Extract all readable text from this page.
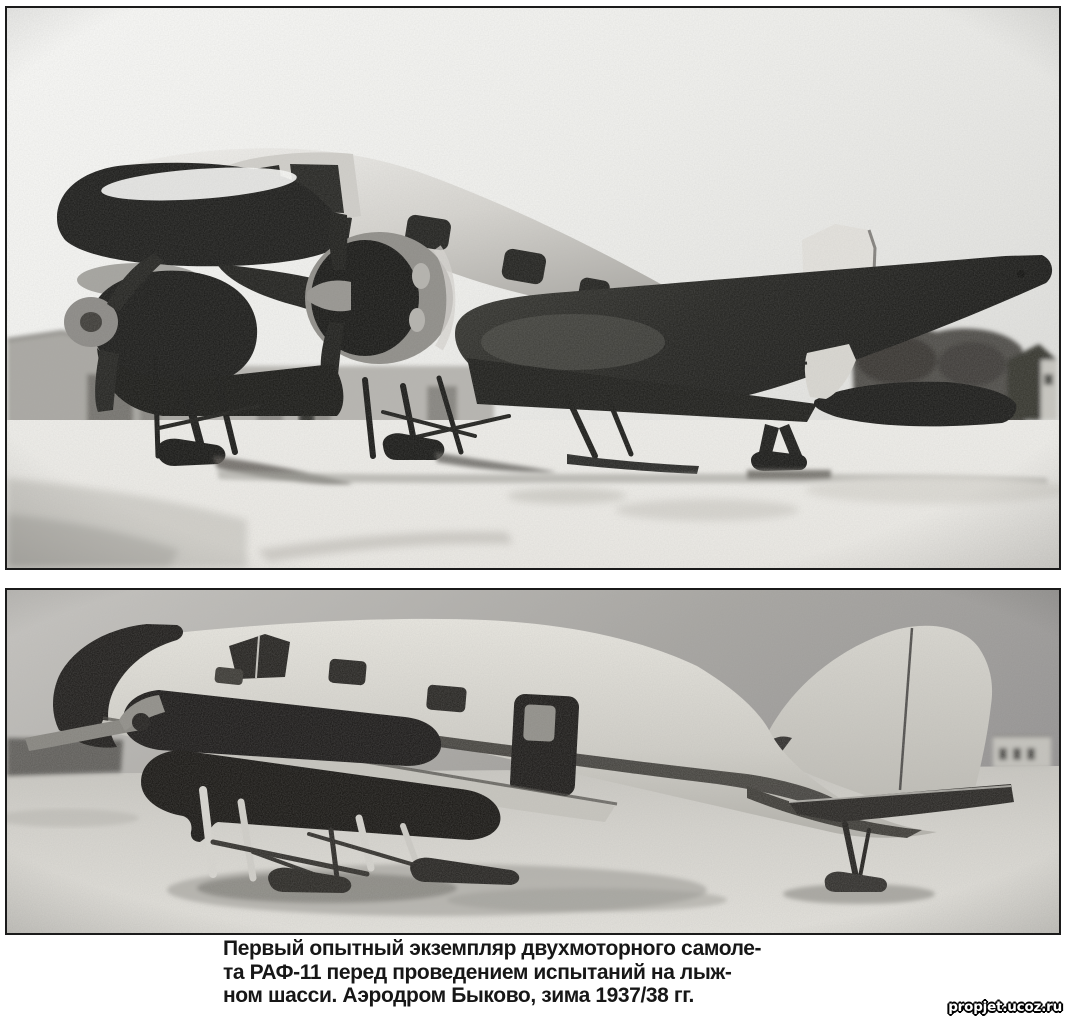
Первый опытный экземпляр двухмоторного самоле-
та РАФ-11 перед проведением испытаний на лыж-
ном шасси. Аэродром Быково, зима 1937/38 гг.	propjet.ucoz.ru
